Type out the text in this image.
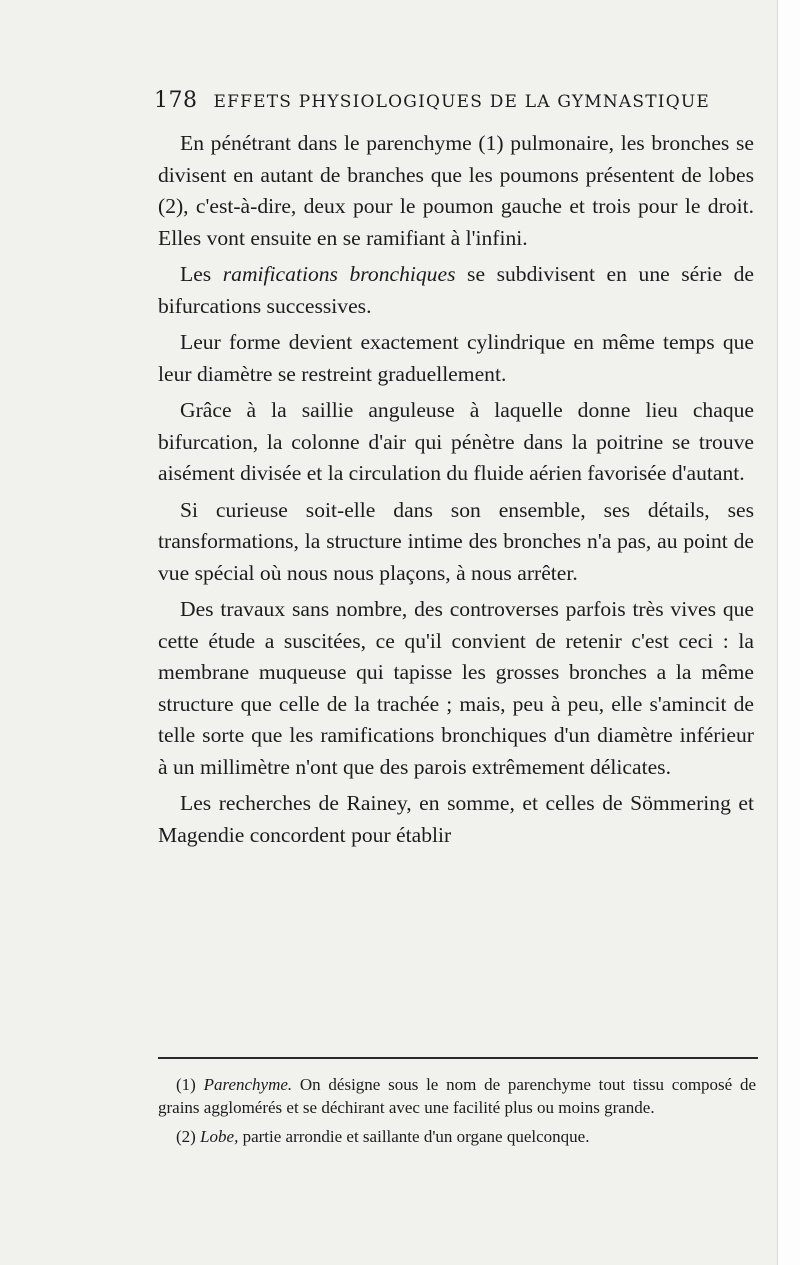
178 EFFETS PHYSIOLOGIQUES DE LA GYMNASTIQUE

En pénétrant dans le parenchyme (1) pulmonaire, les bronches se divisent en autant de branches que les poumons présentent de lobes (2), c'est-à-dire, deux pour le poumon gauche et trois pour le droit. Elles vont ensuite en se ramifiant à l'infini.

Les ramifications bronchiques se subdivisent en une série de bifurcations successives.

Leur forme devient exactement cylindrique en même temps que leur diamètre se restreint graduellement.

Grâce à la saillie anguleuse à laquelle donne lieu chaque bifurcation, la colonne d'air qui pénètre dans la poitrine se trouve aisément divisée et la circulation du fluide aérien favorisée d'autant.

Si curieuse soit-elle dans son ensemble, ses détails, ses transformations, la structure intime des bronches n'a pas, au point de vue spécial où nous nous plaçons, à nous arrêter.

Des travaux sans nombre, des controverses parfois très vives que cette étude a suscitées, ce qu'il convient de retenir c'est ceci : la membrane muqueuse qui tapisse les grosses bronches a la même structure que celle de la trachée ; mais, peu à peu, elle s'amincit de telle sorte que les ramifications bronchiques d'un diamètre inférieur à un millimètre n'ont que des parois extrêmement délicates.

Les recherches de Rainey, en somme, et celles de Sömmering et Magendie concordent pour établir

(1) Parenchyme. On désigne sous le nom de parenchyme tout tissu composé de grains agglomérés et se déchirant avec une facilité plus ou moins grande.

(2) Lobe, partie arrondie et saillante d'un organe quelconque.
